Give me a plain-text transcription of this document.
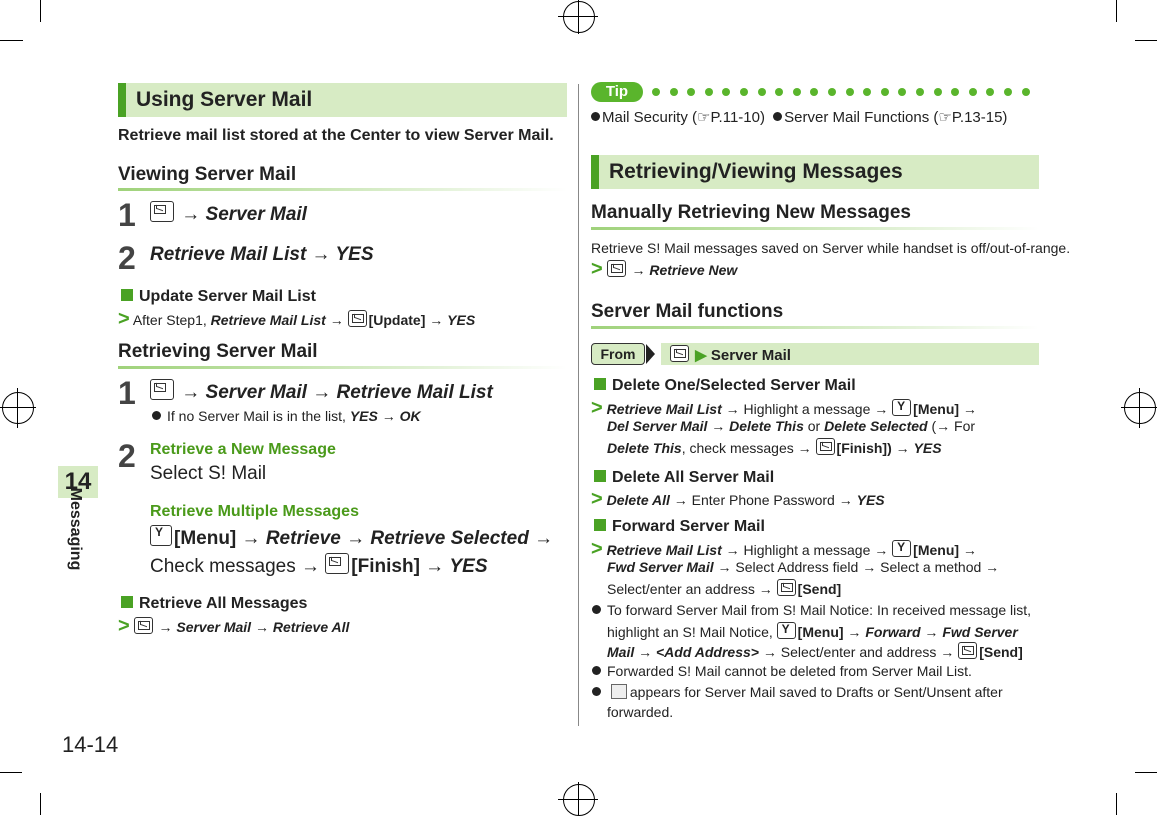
14
Messaging
14-14
Using Server Mail
Retrieve mail list stored at the Center to view Server Mail.
Viewing Server Mail
1	→ Server Mail
2 Retrieve Mail List → YES
Update Server Mail List
> After Step1, Retrieve Mail List → [Update] → YES
Retrieving Server Mail
1	→ Server Mail → Retrieve Mail List
If no Server Mail is in the list, YES → OK
2 Retrieve a New Message
Select S! Mail
Retrieve Multiple Messages
Y[Menu] → Retrieve → Retrieve Selected →
Check messages → [Finish] → YES
Retrieve All Messages
> → Server Mail → Retrieve All
Tip
Mail Security (☞P.11-10) Server Mail Functions (☞P.13-15)
Retrieving/Viewing Messages
Manually Retrieving New Messages
Retrieve S! Mail messages saved on Server while handset is off/out-of-range.
> → Retrieve New
Server Mail functions
From	▶ Server Mail
Delete One/Selected Server Mail
> Retrieve Mail List → Highlight a message → Y [Menu] →
Del Server Mail → Delete This or Delete Selected (→ For
Delete This, check messages → [Finish]) → YES
Delete All Server Mail
> Delete All → Enter Phone Password → YES
Forward Server Mail
> Retrieve Mail List → Highlight a message → Y [Menu] →
Fwd Server Mail → Select Address field → Select a method →
Select/enter an address → [Send]
To forward Server Mail from S! Mail Notice: In received message list,
highlight an S! Mail Notice, Y [Menu] → Forward → Fwd Server
Mail → <Add Address> → Select/enter and address → [Send]
Forwarded S! Mail cannot be deleted from Server Mail List.
appears for Server Mail saved to Drafts or Sent/Unsent after
forwarded.
